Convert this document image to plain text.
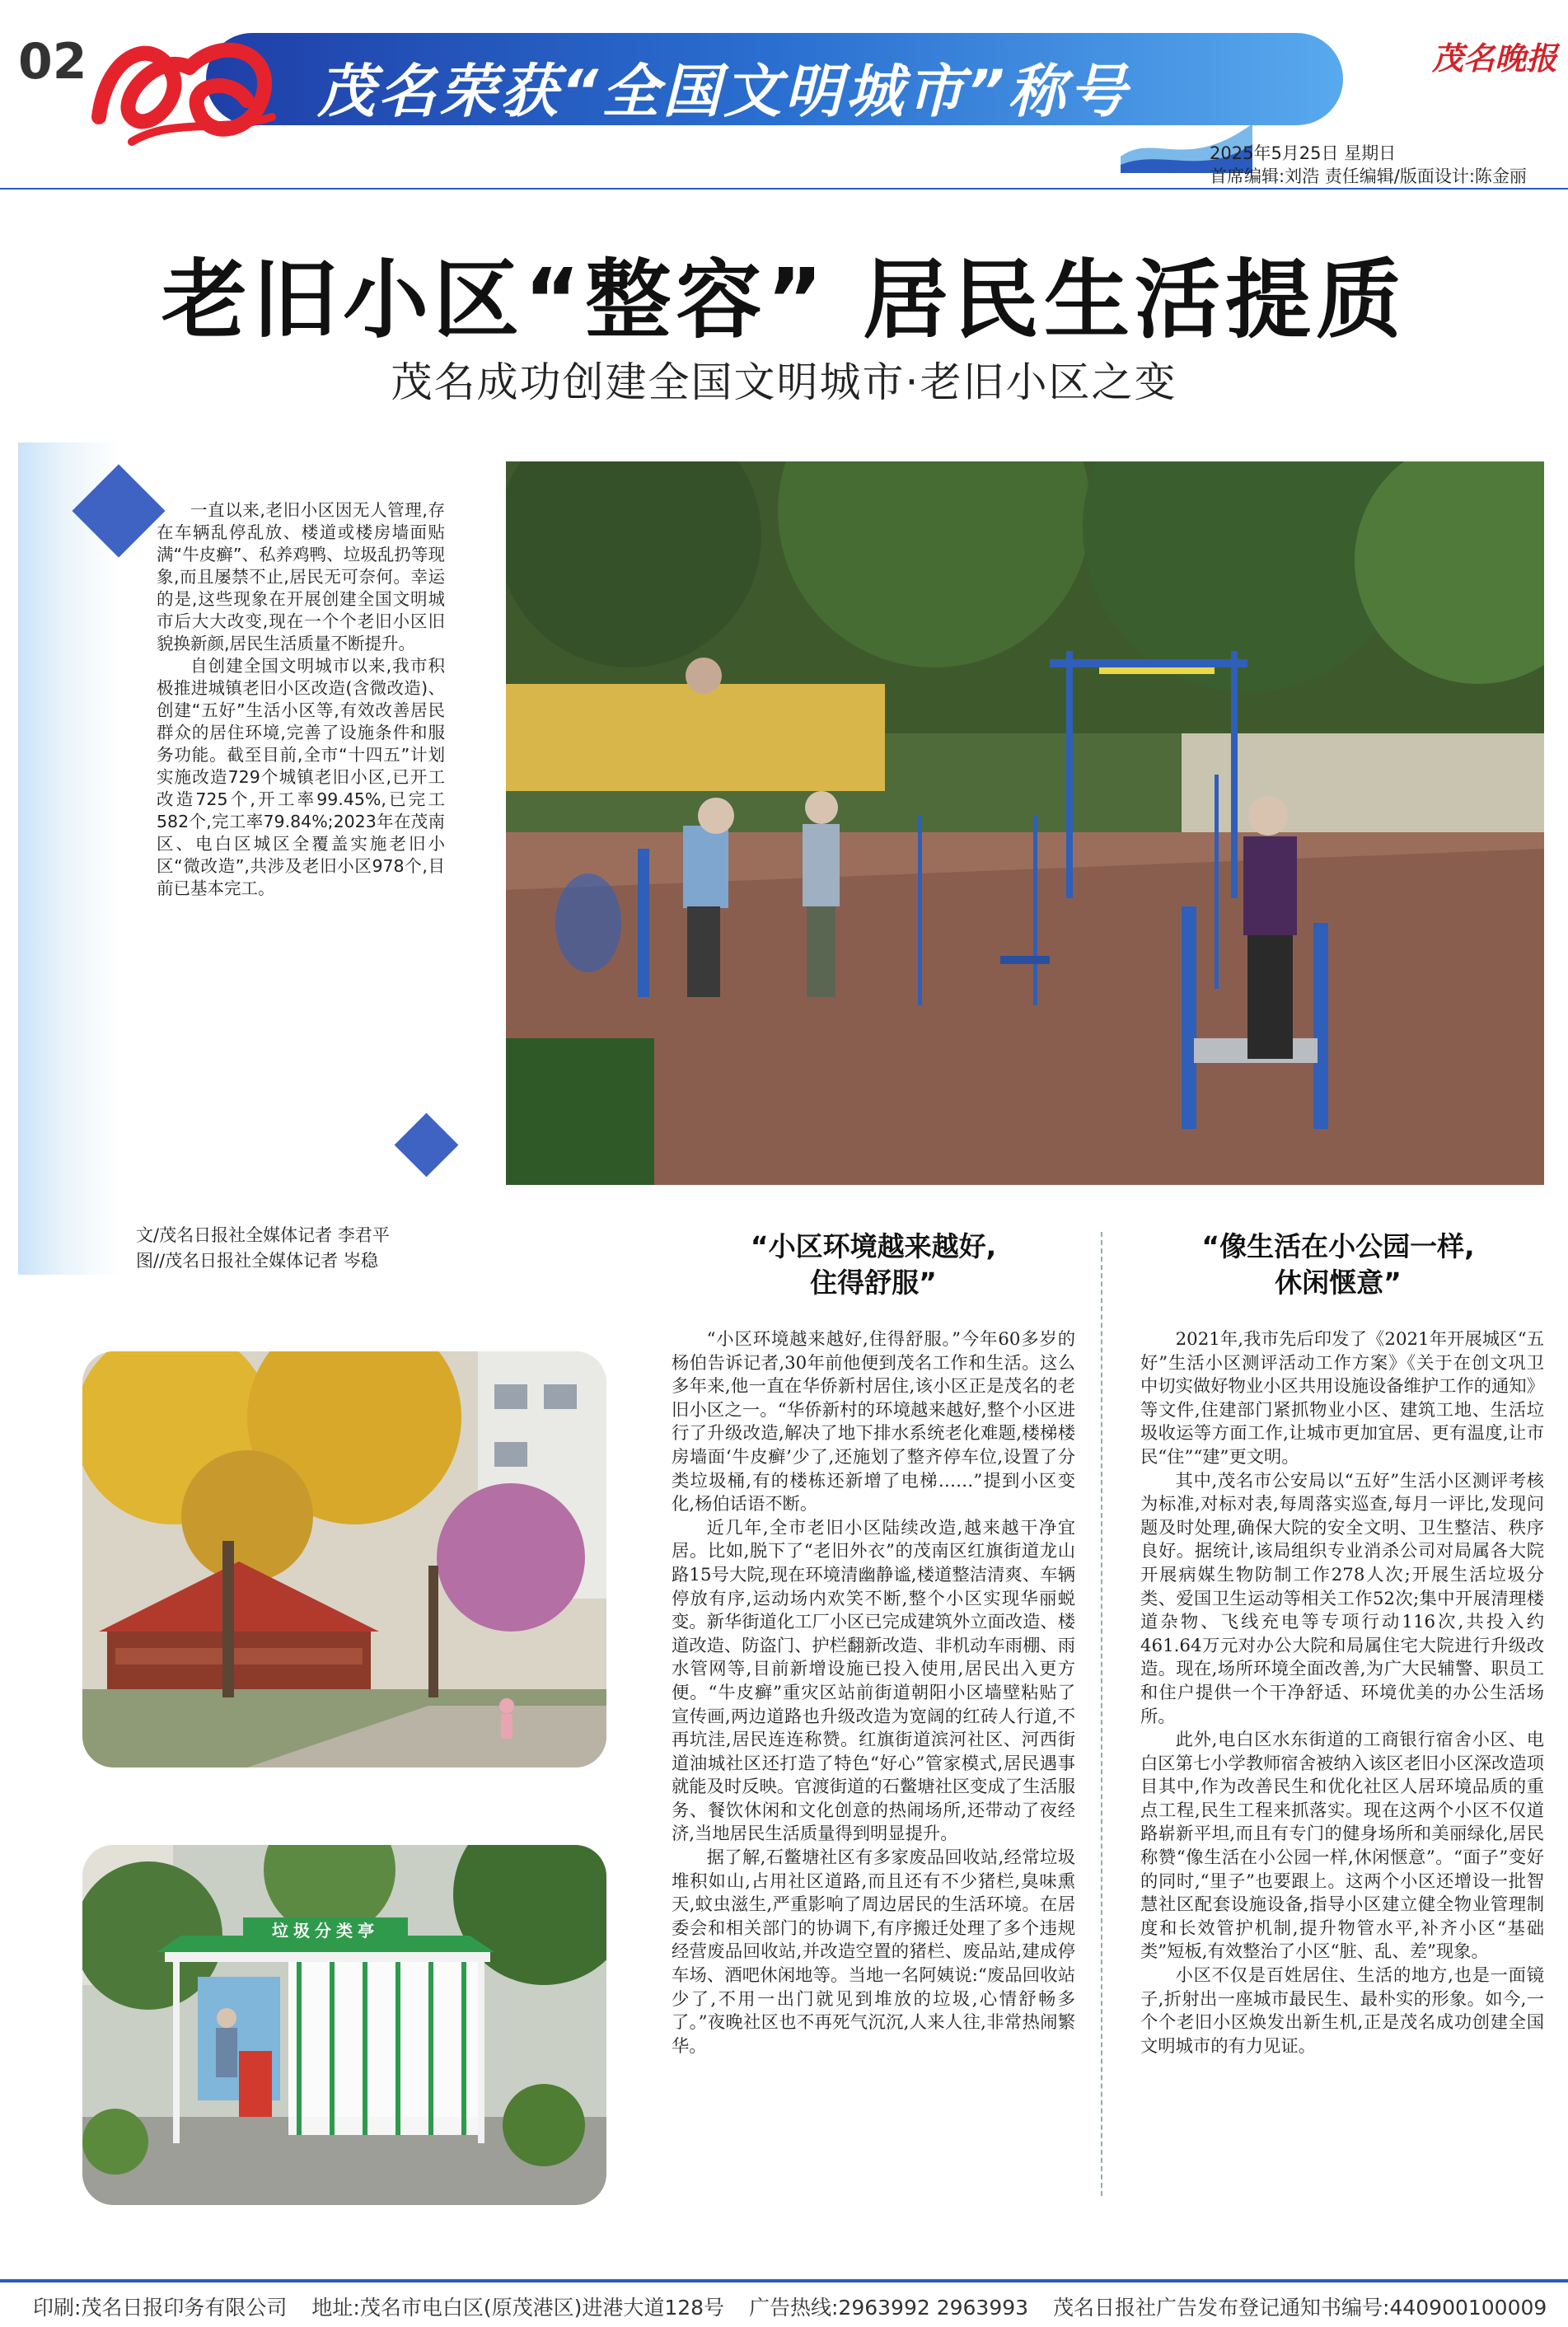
02	茂名荣获“全国文明城市”称号	茂名晚报
2025年5月25日 星期日
首席编辑:刘浩 责任编辑/版面设计:陈金丽
老旧小区“整容” 居民生活提质
茂名成功创建全国文明城市·老旧小区之变

一直以来,老旧小区因无人管理,存在车辆乱停乱放、楼道或楼房墙面贴满“牛皮癣”、私养鸡鸭、垃圾乱扔等现象,而且屡禁不止,居民无可奈何。幸运的是,这些现象在开展创建全国文明城市后大大改变,现在一个个老旧小区旧貌换新颜,居民生活质量不断提升。

自创建全国文明城市以来,我市积极推进城镇老旧小区改造(含微改造)、创建“五好”生活小区等,有效改善居民群众的居住环境,完善了设施条件和服务功能。截至目前,全市“十四五”计划实施改造729个城镇老旧小区,已开工改造725个,开工率99.45%,已完工582个,完工率79.84%;2023年在茂南区、电白区城区全覆盖实施老旧小区“微改造”,共涉及老旧小区978个,目前已基本完工。

文/茂名日报社全媒体记者 李君平
图//茂名日报社全媒体记者 岑稳
垃圾分类亭
“小区环境越来越好,
住得舒服”

“小区环境越来越好,住得舒服。”今年60多岁的杨伯告诉记者,30年前他便到茂名工作和生活。这么多年来,他一直在华侨新村居住,该小区正是茂名的老旧小区之一。“华侨新村的环境越来越好,整个小区进行了升级改造,解决了地下排水系统老化难题,楼梯楼房墙面‘牛皮癣’少了,还施划了整齐停车位,设置了分类垃圾桶,有的楼栋还新增了电梯……”提到小区变化,杨伯话语不断。

近几年,全市老旧小区陆续改造,越来越干净宜居。比如,脱下了“老旧外衣”的茂南区红旗街道龙山路15号大院,现在环境清幽静谧,楼道整洁清爽、车辆停放有序,运动场内欢笑不断,整个小区实现华丽蜕变。新华街道化工厂小区已完成建筑外立面改造、楼道改造、防盗门、护栏翻新改造、非机动车雨棚、雨水管网等,目前新增设施已投入使用,居民出入更方便。“牛皮癣”重灾区站前街道朝阳小区墙壁粘贴了宣传画,两边道路也升级改造为宽阔的红砖人行道,不再坑洼,居民连连称赞。红旗街道滨河社区、河西街道油城社区还打造了特色“好心”管家模式,居民遇事就能及时反映。官渡街道的石鳖塘社区变成了生活服务、餐饮休闲和文化创意的热闹场所,还带动了夜经济,当地居民生活质量得到明显提升。

据了解,石鳖塘社区有多家废品回收站,经常垃圾堆积如山,占用社区道路,而且还有不少猪栏,臭味熏天,蚊虫滋生,严重影响了周边居民的生活环境。在居委会和相关部门的协调下,有序搬迁处理了多个违规经营废品回收站,并改造空置的猪栏、废品站,建成停车场、酒吧休闲地等。当地一名阿姨说:“废品回收站少了,不用一出门就见到堆放的垃圾,心情舒畅多了。”夜晚社区也不再死气沉沉,人来人往,非常热闹繁华。

“像生活在小公园一样,
休闲惬意”

2021年,我市先后印发了《2021年开展城区“五好”生活小区测评活动工作方案》《关于在创文巩卫中切实做好物业小区共用设施设备维护工作的通知》等文件,住建部门紧抓物业小区、建筑工地、生活垃圾收运等方面工作,让城市更加宜居、更有温度,让市民“住”“建”更文明。

其中,茂名市公安局以“五好”生活小区测评考核为标准,对标对表,每周落实巡查,每月一评比,发现问题及时处理,确保大院的安全文明、卫生整洁、秩序良好。据统计,该局组织专业消杀公司对局属各大院开展病媒生物防制工作278人次;开展生活垃圾分类、爱国卫生运动等相关工作52次;集中开展清理楼道杂物、飞线充电等专项行动116次,共投入约461.64万元对办公大院和局属住宅大院进行升级改造。现在,场所环境全面改善,为广大民辅警、职员工和住户提供一个干净舒适、环境优美的办公生活场所。

此外,电白区水东街道的工商银行宿舍小区、电白区第七小学教师宿舍被纳入该区老旧小区深改造项目其中,作为改善民生和优化社区人居环境品质的重点工程,民生工程来抓落实。现在这两个小区不仅道路崭新平坦,而且有专门的健身场所和美丽绿化,居民称赞“像生活在小公园一样,休闲惬意”。“面子”变好的同时,“里子”也要跟上。这两个小区还增设一批智慧社区配套设施设备,指导小区建立健全物业管理制度和长效管护机制,提升物管水平,补齐小区“基础类”短板,有效整治了小区“脏、乱、差”现象。

小区不仅是百姓居住、生活的地方,也是一面镜子,折射出一座城市最民生、最朴实的形象。如今,一个个老旧小区焕发出新生机,正是茂名成功创建全国文明城市的有力见证。

印刷:茂名日报印务有限公司 地址:茂名市电白区(原茂港区)进港大道128号 广告热线:2963992 2963993 茂名日报社广告发布登记通知书编号:440900100009
